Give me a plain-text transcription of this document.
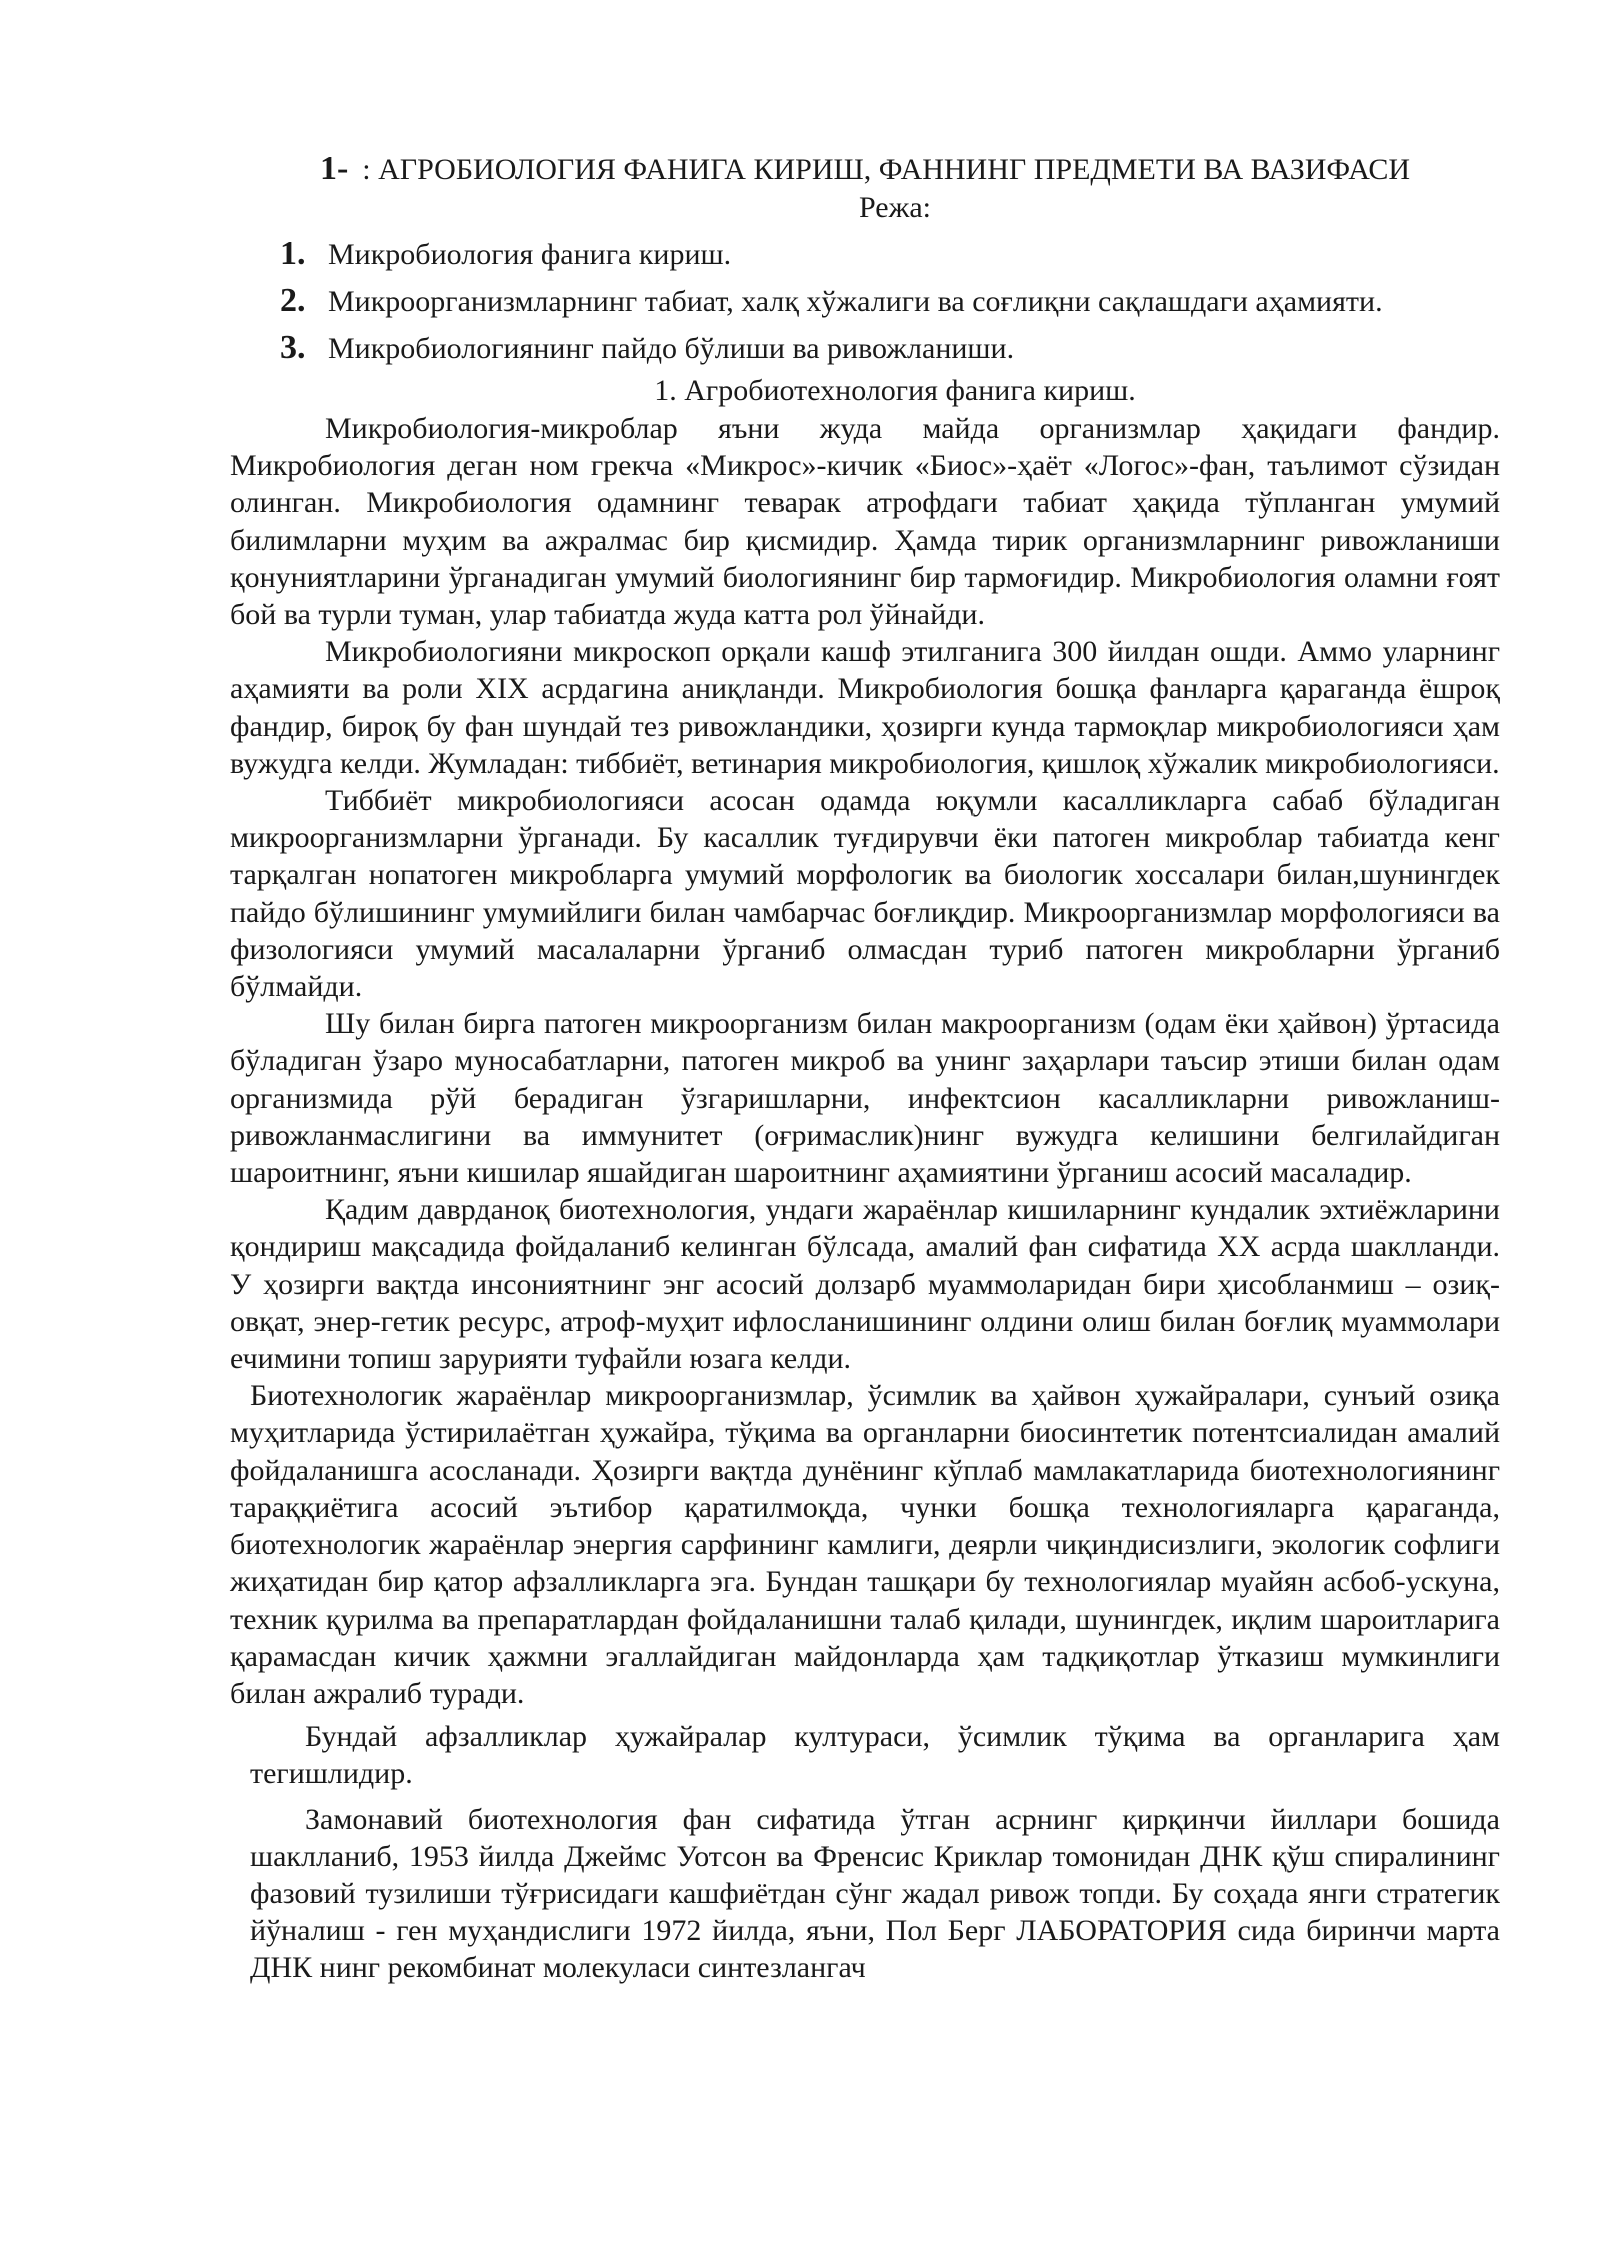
1- : АГРОБИОЛОГИЯ ФАНИГА КИРИШ, ФАННИНГ ПРЕДМЕТИ ВА ВАЗИФАСИ
Режа:
1. Микробиология фанига кириш.
2. Микроорганизмларнинг табиат, халқ хўжалиги ва соғлиқни сақлашдаги аҳамияти.
3. Микробиологиянинг пайдо бўлиши ва ривожланиши.
1. Агробиотехнология фанига кириш.

Микробиология-микроблар яъни жуда майда организмлар ҳақидаги фандир. Микробиология деган ном грекча «Микрос»-кичик «Биос»-ҳаёт «Логос»-фан, таълимот сўзидан олинган. Микробиология одамнинг теварак атрофдаги табиат ҳақида тўпланган умумий билимларни муҳим ва ажралмас бир қисмидир. Ҳамда тирик организмларнинг ривожланиши қонуниятларини ўрганадиган умумий биологиянинг бир тармоғидир. Микробиология оламни ғоят бой ва турли туман, улар табиатда жуда катта рол ўйнайди.

Микробиологияни микроскоп орқали кашф этилганига 300 йилдан ошди. Аммо уларнинг аҳамияти ва роли XIX асрдагина аниқланди. Микробиология бошқа фанларга қараганда ёшроқ фандир, бироқ бу фан шундай тез ривожландики, ҳозирги кунда тармоқлар микробиологияси ҳам вужудга келди. Жумладан: тиббиёт, ветинария микробиология, қишлоқ хўжалик микробиологияси.

Тиббиёт микробиологияси асосан одамда юқумли касалликларга сабаб бўладиган микроорганизмларни ўрганади. Бу касаллик туғдирувчи ёки патоген микроблар табиатда кенг тарқалган нопатоген микробларга умумий морфологик ва биологик хоссалари билан,шунингдек пайдо бўлишининг умумийлиги билан чамбарчас боғлиқдир. Микроорганизмлар морфологияси ва физологияси умумий масалаларни ўрганиб олмасдан туриб патоген микробларни ўрганиб бўлмайди.

Шу билан бирга патоген микроорганизм билан макроорганизм (одам ёки ҳайвон) ўртасида бўладиган ўзаро муносабатларни, патоген микроб ва унинг заҳарлари таъсир этиши билан одам организмида рўй берадиган ўзгаришларни, инфектсион касалликларни ривожланиш-ривожланмаслигини ва иммунитет (оғримаслик)нинг вужудга келишини белгилайдиган шароитнинг, яъни кишилар яшайдиган шароитнинг аҳамиятини ўрганиш асосий масаладир.

Қадим даврданоқ биотехнология, ундаги жараёнлар кишиларнинг кундалик эхтиёжларини қондириш мақсадида фойдаланиб келинган бўлсада, амалий фан сифатида ХХ асрда шаклланди. У ҳозирги вақтда инсониятнинг энг асосий долзарб муаммоларидан бири ҳисобланмиш – озиқ-овқат, энер-гетик ресурс, атроф-муҳит ифлосланишининг олдини олиш билан боғлиқ муаммолари ечимини топиш зарурияти туфайли юзага келди.

Биотехнологик жараёнлар микроорганизмлар, ўсимлик ва ҳайвон ҳужайралари, сунъий озиқа муҳитларида ўстирилаётган ҳужайра, тўқима ва органларни биосинтетик потентсиалидан амалий фойдаланишга асосланади. Ҳозирги вақтда дунёнинг кўплаб мамлакатларида биотехнологиянинг тараққиётига асосий эътибор қаратилмоқда, чунки бошқа технологияларга қараганда, биотехнологик жараёнлар энергия сарфининг камлиги, деярли чиқиндисизлиги, экологик софлиги жиҳатидан бир қатор афзалликларга эга. Бундан ташқари бу технологиялар муайян асбоб-ускуна, техник қурилма ва препаратлардан фойдаланишни талаб қилади, шунингдек, иқлим шароитларига қарамасдан кичик ҳажмни эгаллайдиган майдонларда ҳам тадқиқотлар ўтказиш мумкинлиги билан ажралиб туради.

Бундай афзалликлар ҳужайралар култураси, ўсимлик тўқима ва органларига ҳам тегишлидир.

Замонавий биотехнология фан сифатида ўтган асрнинг қирқинчи йиллари бошида шаклланиб, 1953 йилда Джеймс Уотсон ва Френсис Криклар томонидан ДНК қўш спиралининг фазовий тузилиши тўғрисидаги кашфиётдан сўнг жадал ривож топди. Бу соҳада янги стратегик йўналиш - ген муҳандислиги 1972 йилда, яъни, Пол Берг ЛАБОРАТОРИЯ сида биринчи марта ДНК нинг рекомбинат молекуласи синтезлангач
